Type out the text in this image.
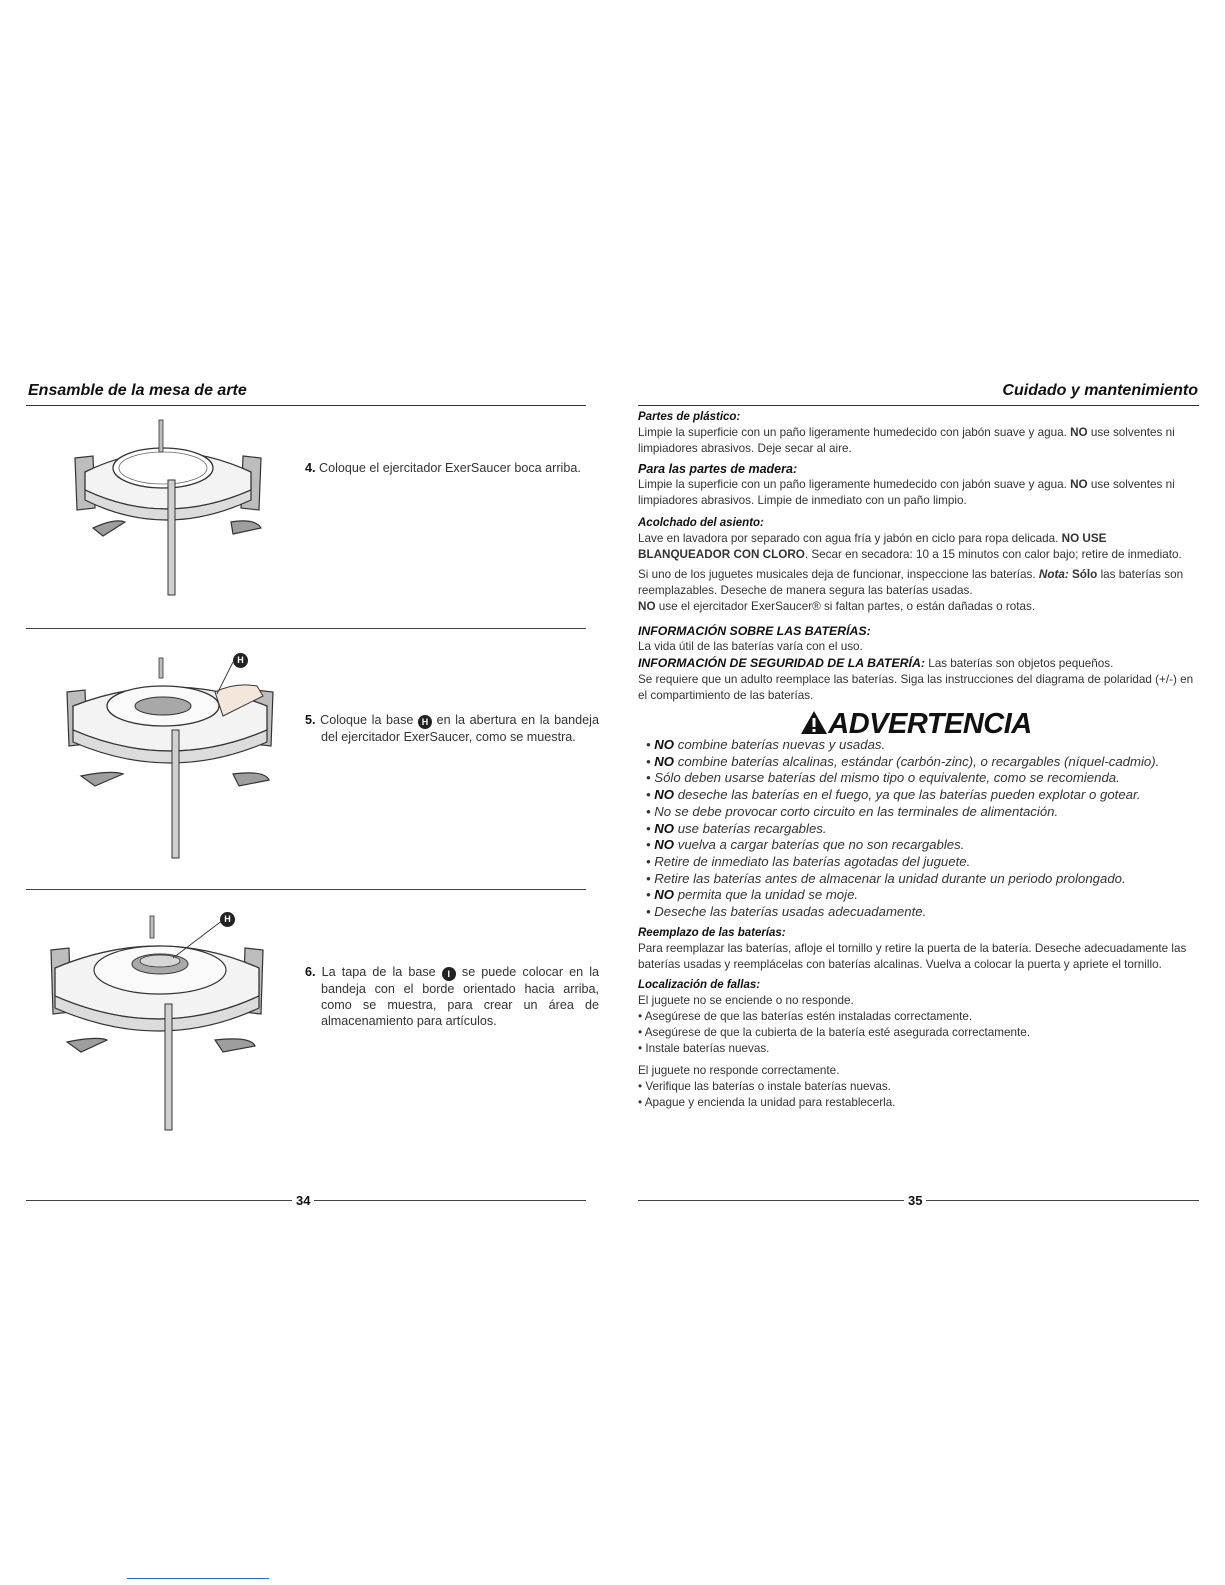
Ensamble de la mesa de arte
4. Coloque el ejercitador ExerSaucer boca arriba.
H
5. Coloque la base H en la abertura en la bandeja del ejercitador ExerSaucer, como se muestra.
H
6. La tapa de la base I se puede colocar en la bandeja con el borde orientado hacia arriba, como se muestra, para crear un área de almacenamiento para artículos.
34
Cuidado y mantenimiento

Partes de plástico:

Limpie la superficie con un paño ligeramente humedecido con jabón suave y agua. NO use solventes ni limpiadores abrasivos. Deje secar al aire.

Para las partes de madera:

Limpie la superficie con un paño ligeramente humedecido con jabón suave y agua. NO use solventes ni limpiadores abrasivos. Limpie de inmediato con un paño limpio.

Acolchado del asiento:

Lave en lavadora por separado con agua fría y jabón en ciclo para ropa delicada. NO USE BLANQUEADOR CON CLORO. Secar en secadora: 10 a 15 minutos con calor bajo; retire de inmediato.

Si uno de los juguetes musicales deja de funcionar, inspeccione las baterías. Nota: Sólo las baterías son reemplazables. Deseche de manera segura las baterías usadas.

NO use el ejercitador ExerSaucer® si faltan partes, o están dañadas o rotas.

INFORMACIÓN SOBRE LAS BATERÍAS:

La vida útil de las baterías varía con el uso.

INFORMACIÓN DE SEGURIDAD DE LA BATERÍA: Las baterías son objetos pequeños.

Se requiere que un adulto reemplace las baterías. Siga las instrucciones del diagrama de polaridad (+/-) en el compartimiento de las baterías.

ADVERTENCIA
• NO combine baterías nuevas y usadas.
• NO combine baterías alcalinas, estándar (carbón-zinc), o recargables (níquel-cadmio).
• Sólo deben usarse baterías del mismo tipo o equivalente, como se recomienda.
• NO deseche las baterías en el fuego, ya que las baterías pueden explotar o gotear.
• No se debe provocar corto circuito en las terminales de alimentación.
• NO use baterías recargables.
• NO vuelva a cargar baterías que no son recargables.
• Retire de inmediato las baterías agotadas del juguete.
• Retire las baterías antes de almacenar la unidad durante un periodo prolongado.
• NO permita que la unidad se moje.
• Deseche las baterías usadas adecuadamente.

Reemplazo de las baterías:

Para reemplazar las baterías, afloje el tornillo y retire la puerta de la batería. Deseche adecuadamente las baterías usadas y reemplácelas con baterías alcalinas. Vuelva a colocar la puerta y apriete el tornillo.

Localización de fallas:

El juguete no se enciende o no responde.

• Asegúrese de que las baterías estén instaladas correctamente.

• Asegúrese de que la cubierta de la batería esté asegurada correctamente.

• Instale baterías nuevas.

El juguete no responde correctamente.

• Verifique las baterías o instale baterías nuevas.

• Apague y encienda la unidad para restablecerla.

35
